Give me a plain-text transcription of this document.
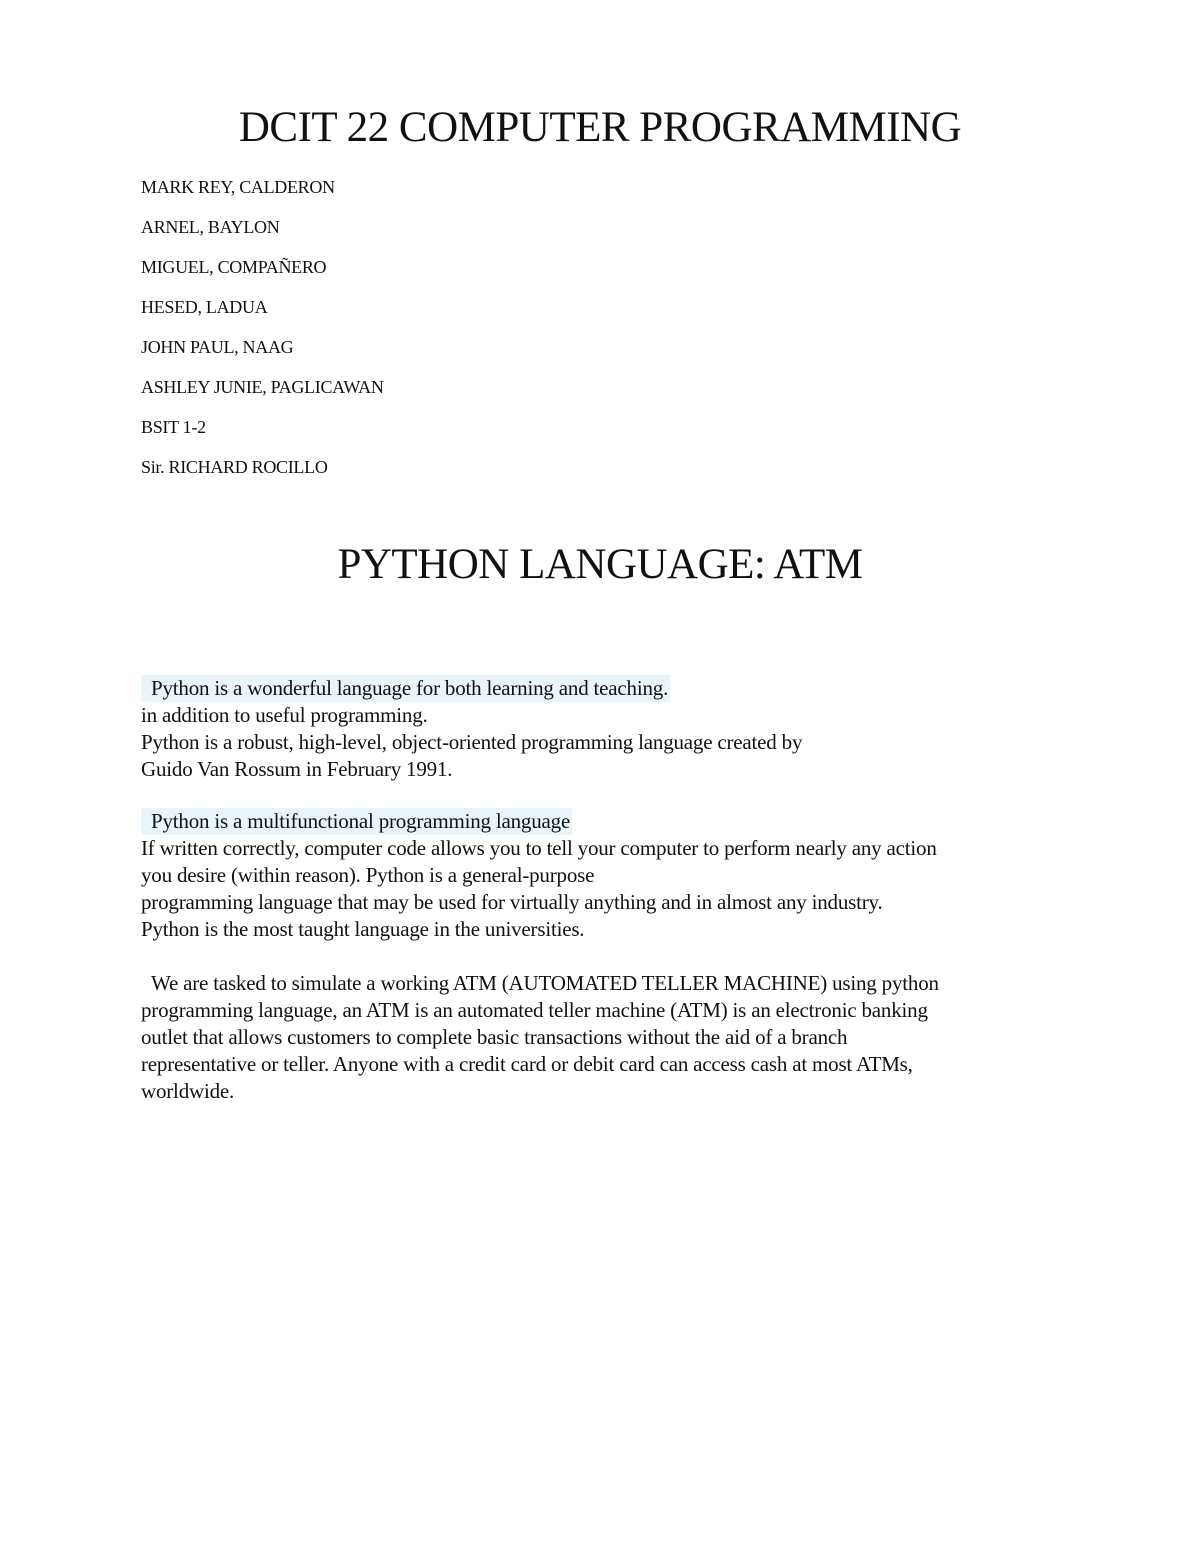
DCIT 22 COMPUTER PROGRAMMING
MARK REY, CALDERON
ARNEL, BAYLON
MIGUEL, COMPAÑERO
HESED, LADUA
JOHN PAUL, NAAG
ASHLEY JUNIE, PAGLICAWAN
BSIT 1-2
Sir. RICHARD ROCILLO
PYTHON LANGUAGE: ATM

Python is a wonderful language for both learning and teaching.

in addition to useful programming.

Python is a robust, high-level, object-oriented programming language created by

Guido Van Rossum in February 1991.

Python is a multifunctional programming language

If written correctly, computer code allows you to tell your computer to perform nearly any action

you desire (within reason). Python is a general-purpose

programming language that may be used for virtually anything and in almost any industry.

Python is the most taught language in the universities.

We are tasked to simulate a working ATM (AUTOMATED TELLER MACHINE) using python

programming language, an ATM is an automated teller machine (ATM) is an electronic banking

outlet that allows customers to complete basic transactions without the aid of a branch

representative or teller. Anyone with a credit card or debit card can access cash at most ATMs,

worldwide.
